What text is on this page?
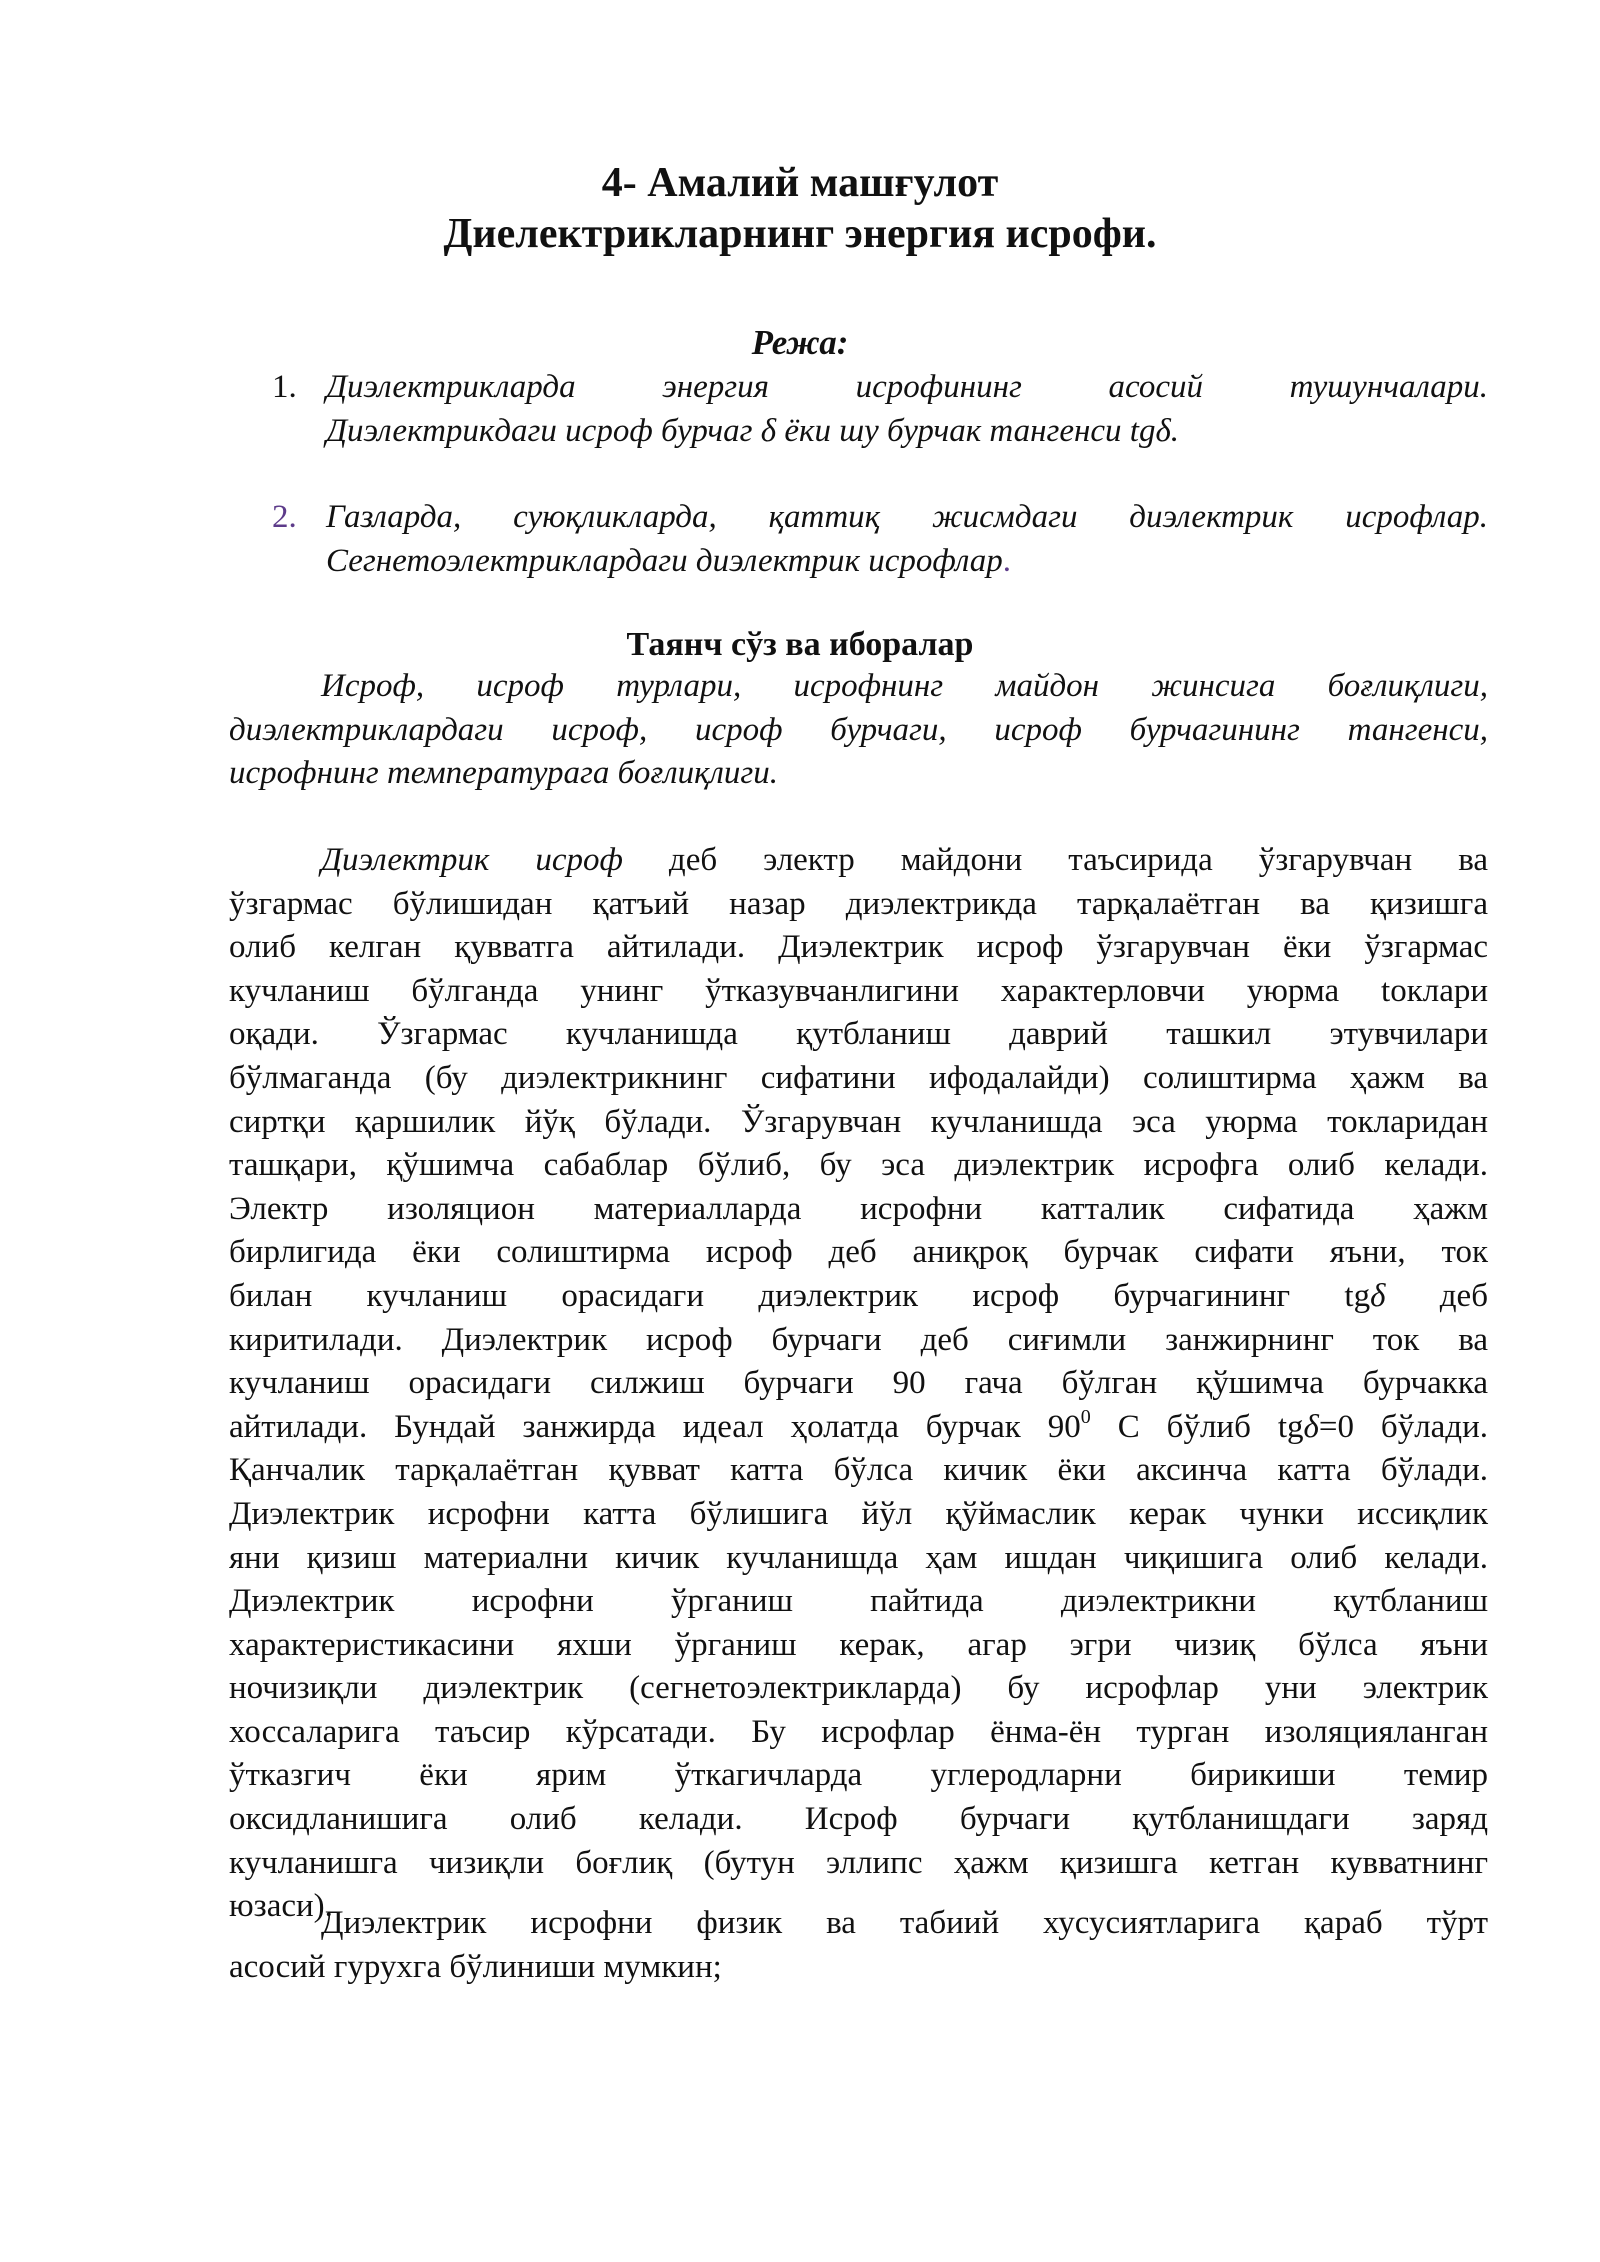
4- Амалий машғулот
Диелектрикларнинг энергия исрофи.
Режа:
1. Диэлектрикларда энергия исрофининг асосий тушунчалари.
Диэлектрикдаги исроф бурчаг δ ёки шу бурчак тангенси tgδ.
2. Газларда, суюқликларда, қаттиқ жисмдаги диэлектрик исрофлар.
Сегнетоэлектриклардаги диэлектрик исрофлар.
Таянч сўз ва иборалар
Исроф, исроф турлари, исрофнинг майдон жинсига боғлиқлиги,
диэлектриклардаги исроф, исроф бурчаги, исроф бурчагининг тангенси,
исрофнинг температурага боғлиқлиги.
Диэлектрик исроф деб электр майдони таъсирида ўзгарувчан ва
ўзгармас бўлишидан қатъий назар диэлектрикда тарқалаётган ва қизишга
олиб келган қувватга айтилади. Диэлектрик исроф ўзгарувчан ёки ўзгармас
кучланиш бўлганда унинг ўтказувчанлигини характерловчи уюрма toклари
оқади. Ўзгармас кучланишда қутбланиш даврий ташкил этувчилари
бўлмаганда (бу диэлектрикнинг сифатини ифодалайди) солиштирма ҳажм ва
сиртқи қаршилик йўқ бўлади. Ўзгарувчан кучланишда эса уюрма токларидан
ташқари, қўшимча сабаблар бўлиб, бу эса диэлектрик исрофга олиб келади.
Электр изоляцион материалларда исрофни катталик сифатида ҳажм
бирлигида ёки солиштирма исроф деб аниқроқ бурчак сифати яъни, ток
билан кучланиш орасидаги диэлектрик исроф бурчагининг tgδ деб
киритилади. Диэлектрик исроф бурчаги деб сиғимли занжирнинг ток ва
кучланиш орасидаги силжиш бурчаги 90 гача бўлган қўшимча бурчакка
айтилади. Бундай занжирда идеал ҳолатда бурчак $90^0$ С бўлиб tgδ=0 бўлади.
Қанчалик тарқалаётган қувват катта бўлса кичик ёки аксинча катта бўлади.
Диэлектрик исрофни катта бўлишига йўл қўймаслик керак чунки иссиқлик
яни қизиш материални кичик кучланишда ҳам ишдан чиқишига олиб келади.
Диэлектрик исрофни ўрганиш пайтида диэлектрикни қутбланиш
характеристикасини яхши ўрганиш керак, агар эгри чизиқ бўлса яъни
ночизиқли диэлектрик (сегнетоэлектрикларда) бу исрофлар уни электрик
хоссаларига таъсир кўрсатади. Бу исрофлар ёнма-ён турган изоляцияланган
ўтказгич ёки ярим ўткагичларда углеродларни бирикиши темир
оксидланишига олиб келади. Исроф бурчаги қутбланишдаги заряд
кучланишга чизиқли боғлиқ (бутун эллипс ҳажм қизишга кетган кувватнинг
юзаси).
Диэлектрик исрофни физик ва табиий хусусиятларига қараб тўрт
асосий гурухга бўлиниши мумкин;
